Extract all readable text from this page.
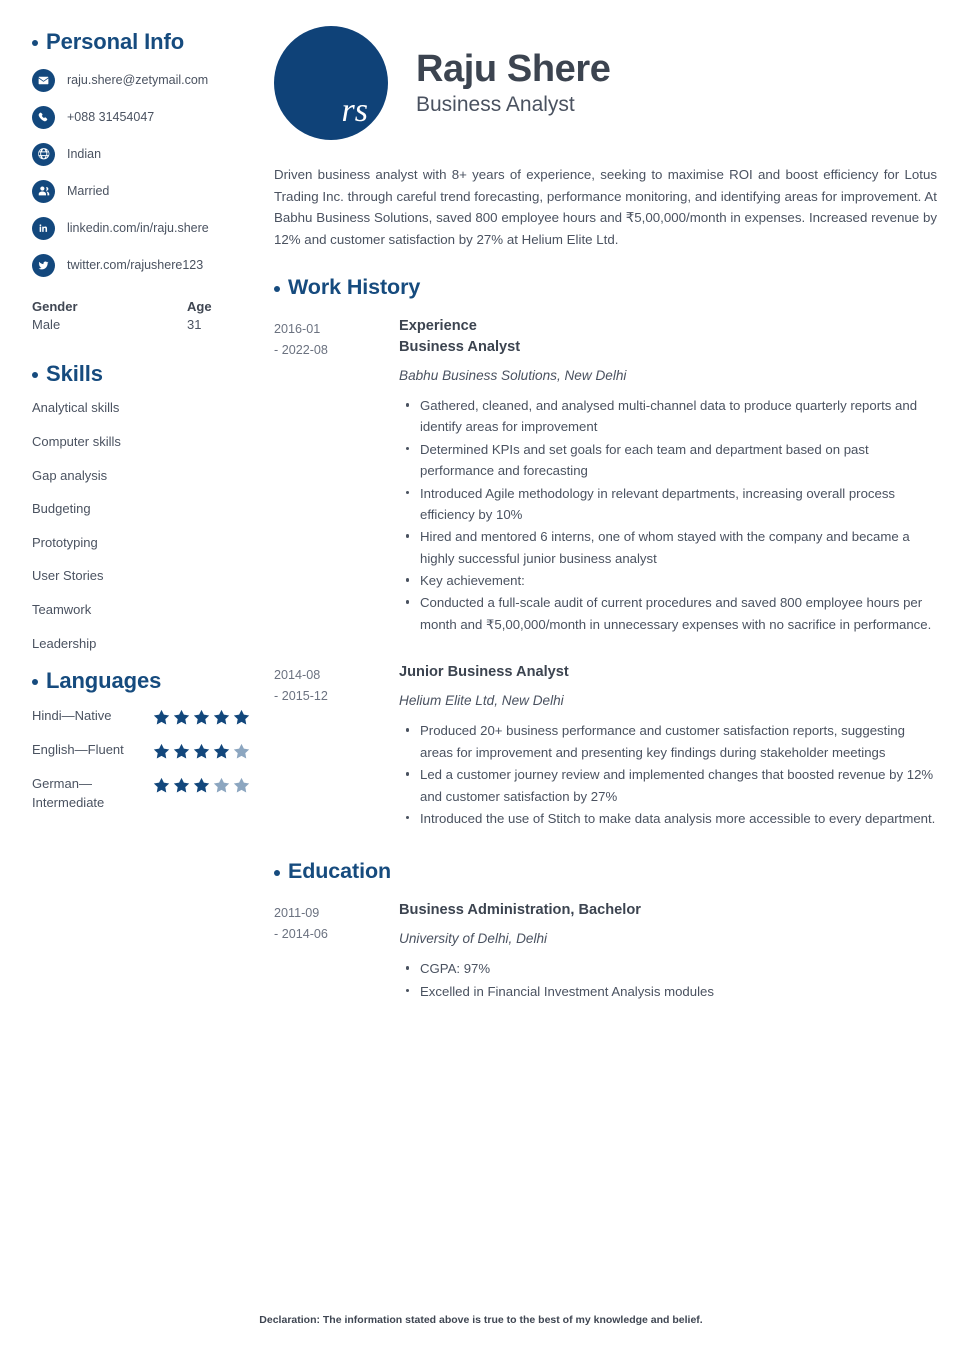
Personal Info
raju.shere@zetymail.com
+088 31454047
Indian
Married
linkedin.com/in/raju.shere
twitter.com/rajushere123
Gender
Male
Age
31
Skills
Analytical skills
Computer skills
Gap analysis
Budgeting
Prototyping
User Stories
Teamwork
Leadership
Languages
Hindi—Native
English—Fluent
German—Intermediate
rs
Raju Shere
Business Analyst

Driven business analyst with 8+ years of experience, seeking to maximise ROI and boost efficiency for Lotus Trading Inc. through careful trend forecasting, performance monitoring, and identifying areas for improvement. At Babhu Business Solutions, saved 800 employee hours and ₹5,00,000/month in expenses. Increased revenue by 12% and customer satisfaction by 27% at Helium Elite Ltd.

Work History
2016-01
- 2022-08
Experience
Business Analyst
Babhu Business Solutions, New Delhi
Gathered, cleaned, and analysed multi-channel data to produce quarterly reports and identify areas for improvement
Determined KPIs and set goals for each team and department based on past performance and forecasting
Introduced Agile methodology in relevant departments, increasing overall process efficiency by 10%
Hired and mentored 6 interns, one of whom stayed with the company and became a highly successful junior business analyst
Key achievement:
Conducted a full-scale audit of current procedures and saved 800 employee hours per month and ₹5,00,000/month in unnecessary expenses with no sacrifice in performance.
2014-08
- 2015-12
Junior Business Analyst
Helium Elite Ltd, New Delhi
Produced 20+ business performance and customer satisfaction reports, suggesting areas for improvement and presenting key findings during stakeholder meetings
Led a customer journey review and implemented changes that boosted revenue by 12% and customer satisfaction by 27%
Introduced the use of Stitch to make data analysis more accessible to every department.
Education
2011-09
- 2014-06
Business Administration, Bachelor
University of Delhi, Delhi
CGPA: 97%
Excelled in Financial Investment Analysis modules
Declaration: The information stated above is true to the best of my knowledge and belief.
